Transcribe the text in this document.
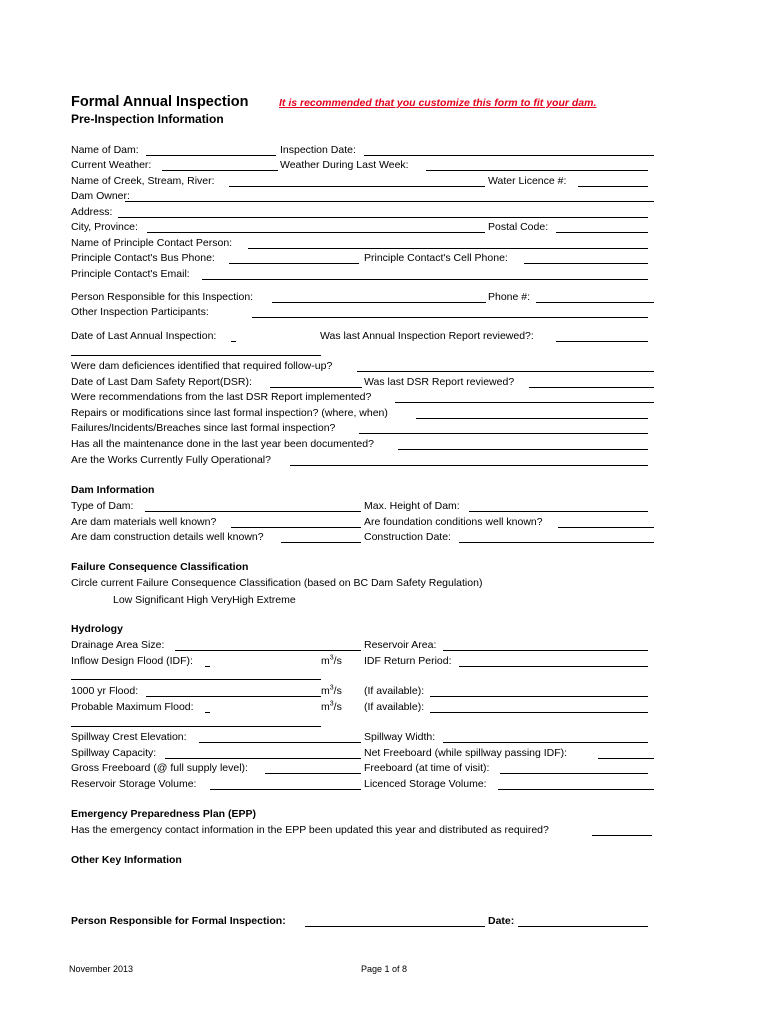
Formal Annual Inspection	It is recommended that you customize this form to fit your dam.
Pre-Inspection Information
Name of Dam:	Inspection Date:
Current Weather:	Weather During Last Week:
Name of Creek, Stream, River:	Water Licence #:
Dam Owner:
Address:
City, Province:	Postal Code:
Name of Principle Contact Person:
Principle Contact's Bus Phone:	Principle Contact's Cell Phone:
Principle Contact's Email:
Person Responsible for this Inspection:	Phone #:
Other Inspection Participants:
Date of Last Annual Inspection:	Was last Annual Inspection Report reviewed?:
Were dam deficiences identified that required follow-up?
Date of Last Dam Safety Report(DSR):	Was last DSR Report reviewed?
Were recommendations from the last DSR Report implemented?
Repairs or modifications since last formal inspection? (where, when)
Failures/Incidents/Breaches since last formal inspection?
Has all the maintenance done in the last year been documented?
Are the Works Currently Fully Operational?
Dam Information
Type of Dam:	Max. Height of Dam:
Are dam materials well known?	Are foundation conditions well known?
Are dam construction details well known?	Construction Date:
Failure Consequence Classification
Circle current Failure Consequence Classification (based on BC Dam Safety Regulation)
Low Significant High VeryHigh Extreme
Hydrology
Drainage Area Size:	Reservoir Area:
Inflow Design Flood (IDF):	$m^3/s$ IDF Return Period:
1000 yr Flood:	$m^3/s$ (If available):
Probable Maximum Flood:	$m^3/s$ (If available):
Spillway Crest Elevation:	Spillway Width:
Spillway Capacity:	Net Freeboard (while spillway passing IDF):
Gross Freeboard (@ full supply level):	Freeboard (at time of visit):
Reservoir Storage Volume:	Licenced Storage Volume:
Emergency Preparedness Plan (EPP)
Has the emergency contact information in the EPP been updated this year and distributed as required?
Other Key Information
Person Responsible for Formal Inspection:	Date:
November 2013	Page 1 of 8
